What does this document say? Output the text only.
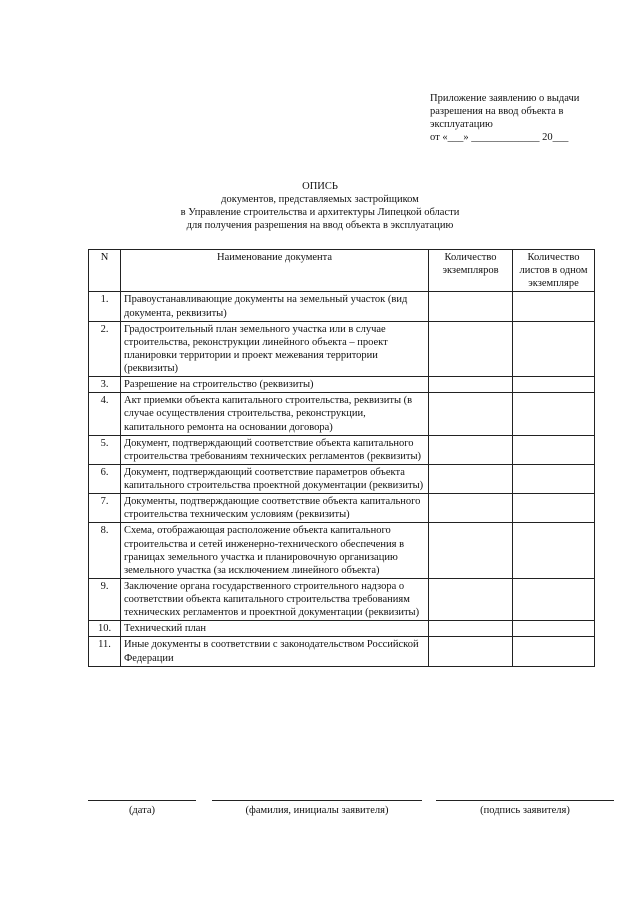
Приложение заявлению о выдачи
разрешения на ввод объекта в
эксплуатацию
от «___» _____________ 20___
ОПИСЬ
документов, представляемых застройщиком
в Управление строительства и архитектуры Липецкой области
для получения разрешения на ввод объекта в эксплуатацию
N	Наименование документа	Количество экземпляров	Количество листов в одном экземпляре
1.	Правоустанавливающие документы на земельный участок (вид документа, реквизиты)		
2.	Градостроительный план земельного участка или в случае строительства, реконструкции линейного объекта – проект планировки территории и проект межевания территории (реквизиты)		
3.	Разрешение на строительство (реквизиты)		
4.	Акт приемки объекта капитального строительства, реквизиты (в случае осуществления строительства, реконструкции, капитального ремонта на основании договора)		
5.	Документ, подтверждающий соответствие объекта капитального строительства требованиям технических регламентов (реквизиты)		
6.	Документ, подтверждающий соответствие параметров объекта капитального строительства проектной документации (реквизиты)		
7.	Документы, подтверждающие соответствие объекта капитального строительства техническим условиям (реквизиты)		
8.	Схема, отображающая расположение объекта капитального строительства и сетей инженерно-технического обеспечения в границах земельного участка и планировочную организацию земельного участка (за исключением линейного объекта)		
9.	Заключение органа государственного строительного надзора о соответствии объекта капитального строительства требованиям технических регламентов и проектной документации (реквизиты)		
10.	Технический план		
11.	Иные документы в соответствии с законодательством Российской Федерации		
(дата)	(фамилия, инициалы заявителя)	(подпись заявителя)
